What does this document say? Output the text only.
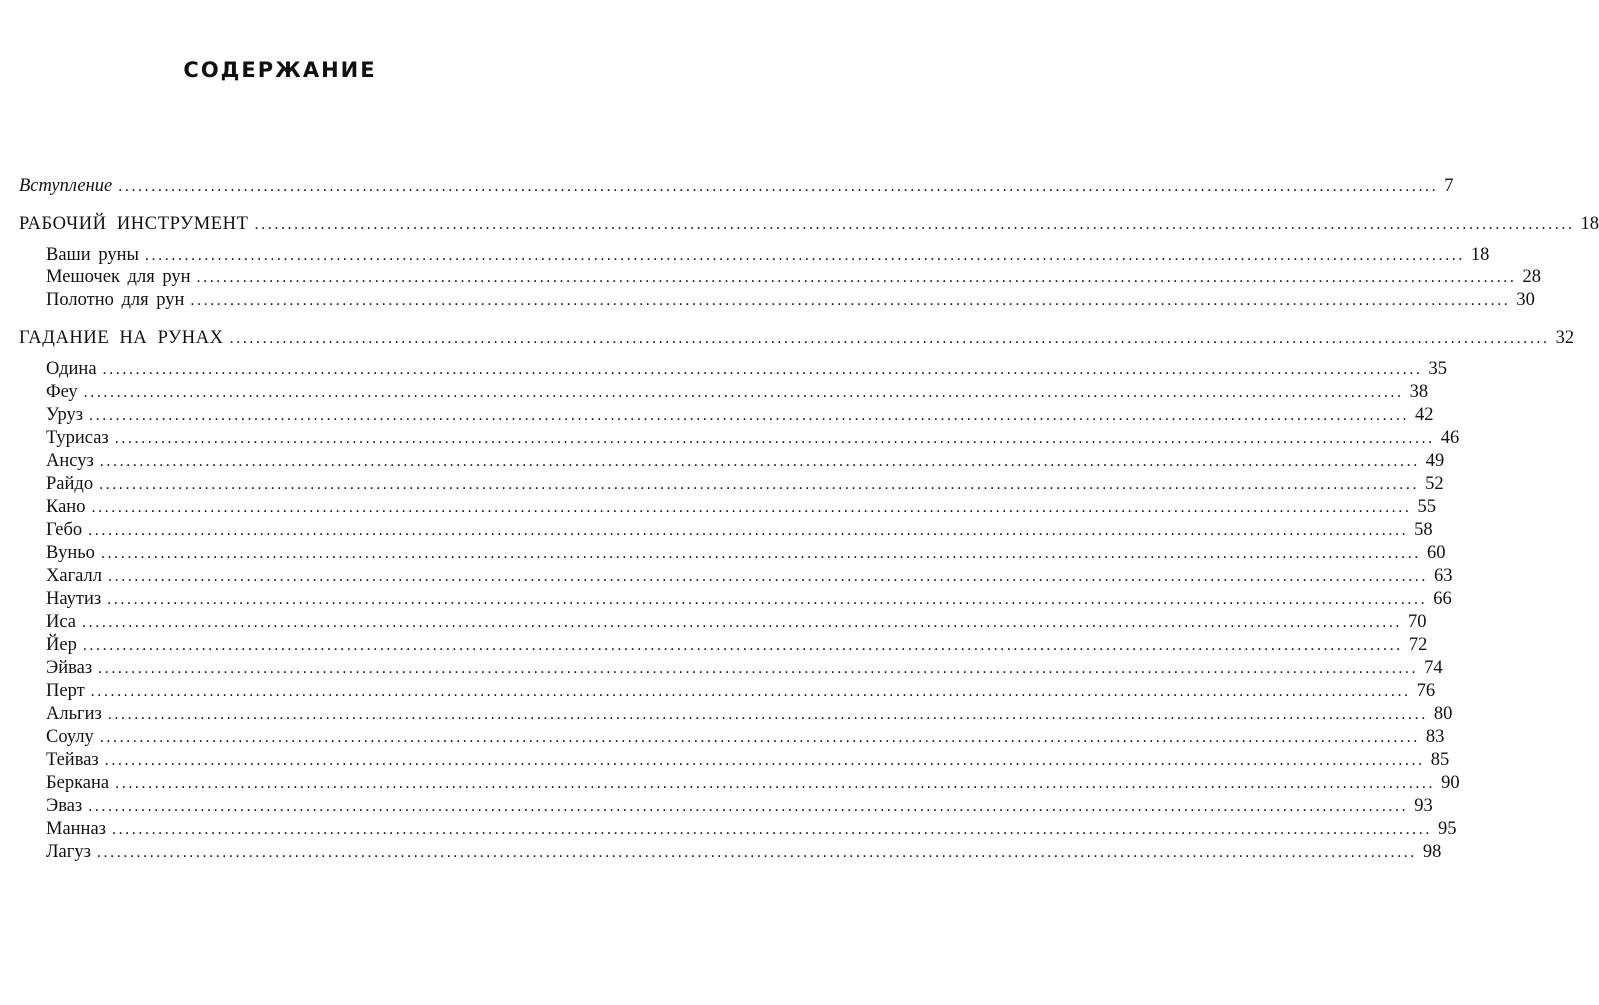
СОДЕРЖАНИЕ
Вступление ........................................................................................................................................................................................................ 7
РАБОЧИЙ ИНСТРУМЕНТ ........................................................................................................................................................................................................ 18
Ваши руны ........................................................................................................................................................................................................ 18
Мешочек для рун ........................................................................................................................................................................................................ 28
Полотно для рун ........................................................................................................................................................................................................ 30
ГАДАНИЕ НА РУНАХ ........................................................................................................................................................................................................ 32
Одина ........................................................................................................................................................................................................ 35
Феу ........................................................................................................................................................................................................ 38
Уруз ........................................................................................................................................................................................................ 42
Турисаз ........................................................................................................................................................................................................ 46
Ансуз ........................................................................................................................................................................................................ 49
Райдо ........................................................................................................................................................................................................ 52
Кано ........................................................................................................................................................................................................ 55
Гебо ........................................................................................................................................................................................................ 58
Вуньо ........................................................................................................................................................................................................ 60
Хагалл ........................................................................................................................................................................................................ 63
Наутиз ........................................................................................................................................................................................................ 66
Иса ........................................................................................................................................................................................................ 70
Йер ........................................................................................................................................................................................................ 72
Эйваз ........................................................................................................................................................................................................ 74
Перт ........................................................................................................................................................................................................ 76
Альгиз ........................................................................................................................................................................................................ 80
Соулу ........................................................................................................................................................................................................ 83
Тейваз ........................................................................................................................................................................................................ 85
Беркана ........................................................................................................................................................................................................ 90
Эваз ........................................................................................................................................................................................................ 93
Манназ ........................................................................................................................................................................................................ 95
Лагуз ........................................................................................................................................................................................................ 98
